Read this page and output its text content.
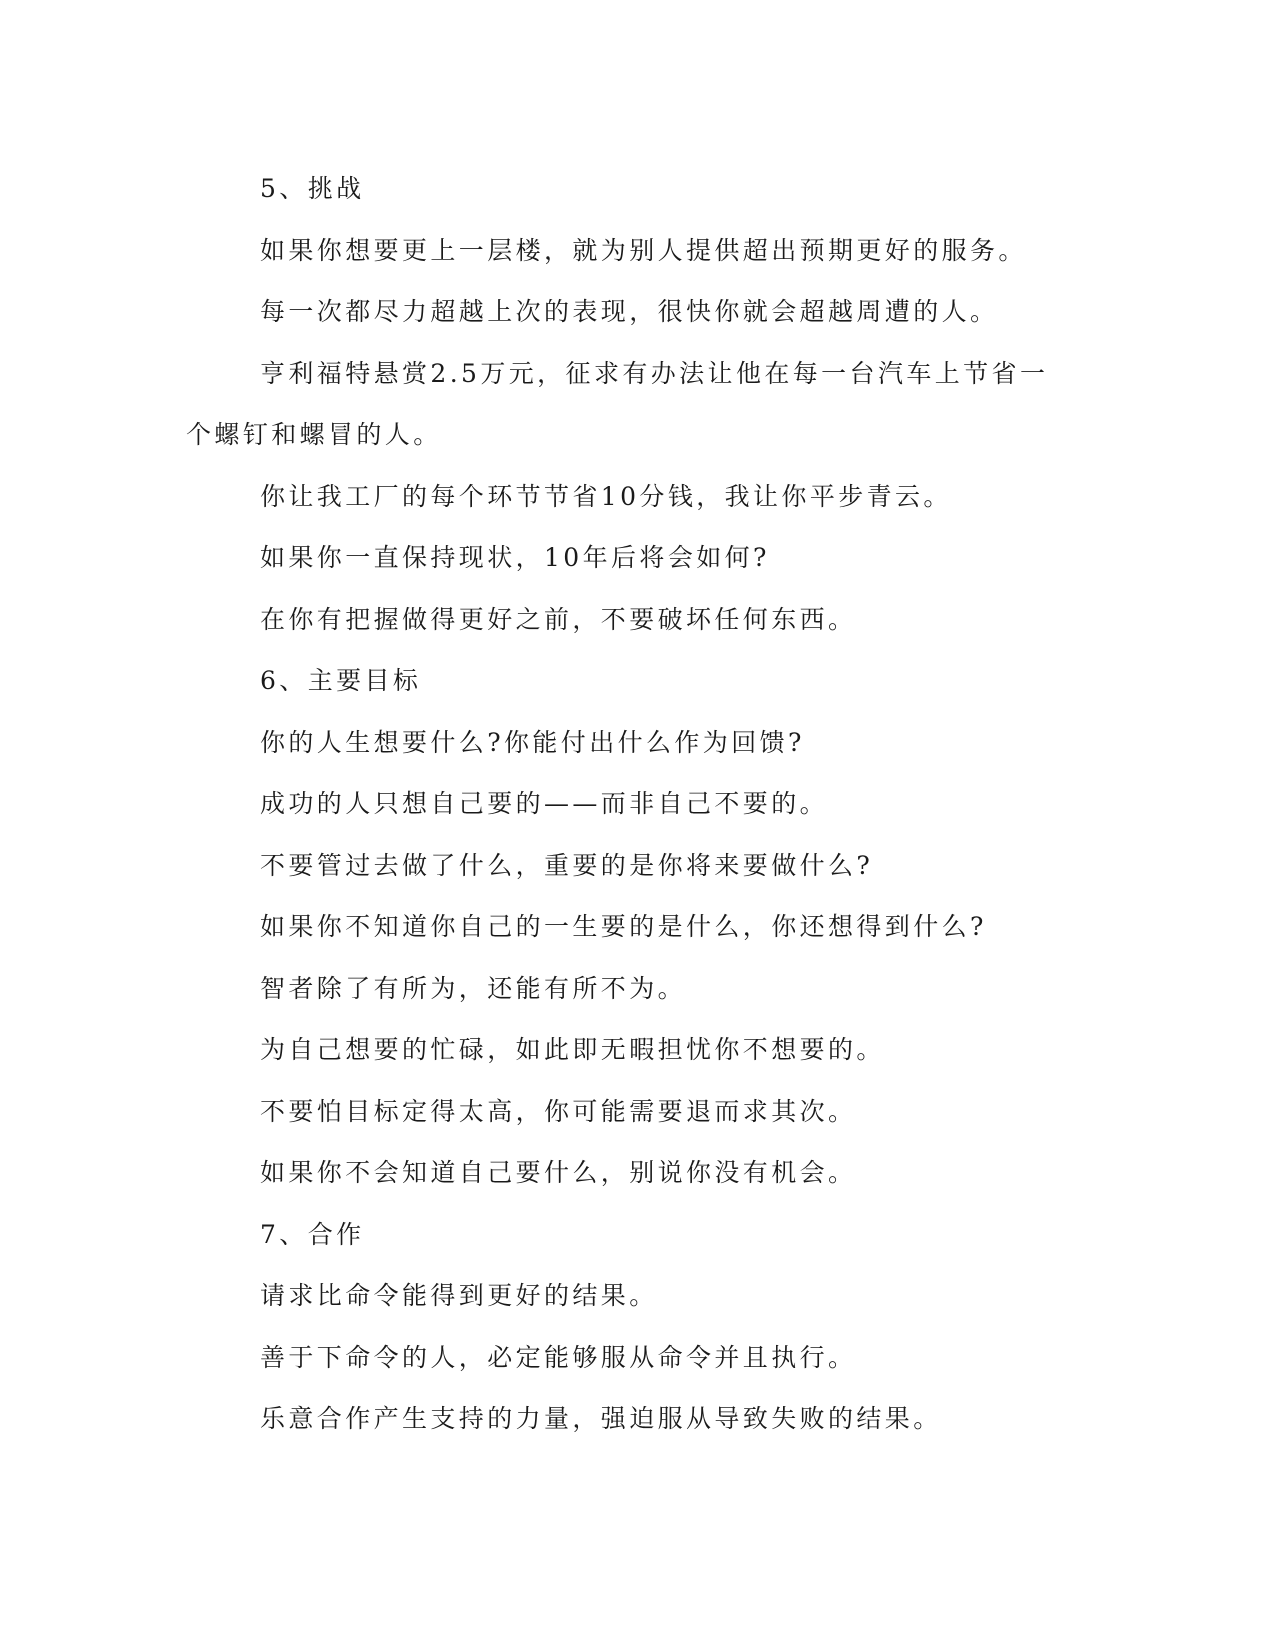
5、挑战

如果你想要更上一层楼，就为别人提供超出预期更好的服务。

每一次都尽力超越上次的表现，很快你就会超越周遭的人。

亨利福特悬赏2.5万元，征求有办法让他在每一台汽车上节省一个螺钉和螺冒的人。

你让我工厂的每个环节节省10分钱，我让你平步青云。

如果你一直保持现状，10年后将会如何?

在你有把握做得更好之前，不要破坏任何东西。

6、主要目标

你的人生想要什么?你能付出什么作为回馈?

成功的人只想自己要的——而非自己不要的。

不要管过去做了什么，重要的是你将来要做什么?

如果你不知道你自己的一生要的是什么，你还想得到什么?

智者除了有所为，还能有所不为。

为自己想要的忙碌，如此即无暇担忧你不想要的。

不要怕目标定得太高，你可能需要退而求其次。

如果你不会知道自己要什么，别说你没有机会。

7、合作

请求比命令能得到更好的结果。

善于下命令的人，必定能够服从命令并且执行。

乐意合作产生支持的力量，强迫服从导致失败的结果。
